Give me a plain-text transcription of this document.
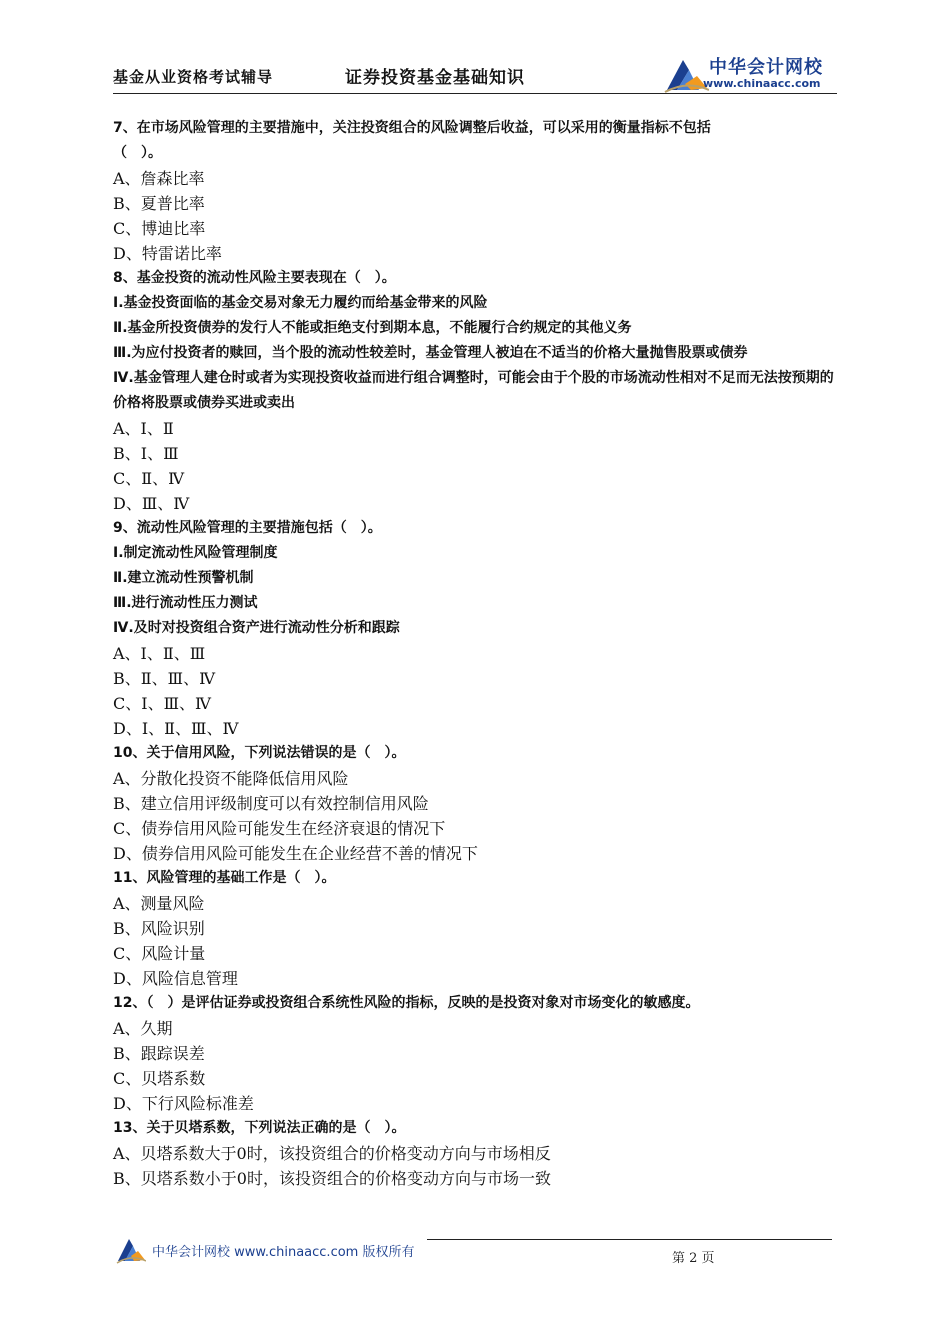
基金从业资格考试辅导	证券投资基金基础知识	中华会计网校
www.chinaacc.com

7、在市场风险管理的主要措施中，关注投资组合的风险调整后收益，可以采用的衡量指标不包括

（　）。

A、詹森比率

B、夏普比率

C、博迪比率

D、特雷诺比率

8、基金投资的流动性风险主要表现在（　）。

Ⅰ.基金投资面临的基金交易对象无力履约而给基金带来的风险

Ⅱ.基金所投资债券的发行人不能或拒绝支付到期本息，不能履行合约规定的其他义务

Ⅲ.为应付投资者的赎回，当个股的流动性较差时，基金管理人被迫在不适当的价格大量抛售股票或债券

Ⅳ.基金管理人建仓时或者为实现投资收益而进行组合调整时，可能会由于个股的市场流动性相对不足而无法按预期的价格将股票或债券买进或卖出

A、Ⅰ、Ⅱ

B、Ⅰ、Ⅲ

C、Ⅱ、Ⅳ

D、Ⅲ、Ⅳ

9、流动性风险管理的主要措施包括（　）。

Ⅰ.制定流动性风险管理制度

Ⅱ.建立流动性预警机制

Ⅲ.进行流动性压力测试

Ⅳ.及时对投资组合资产进行流动性分析和跟踪

A、Ⅰ、Ⅱ、Ⅲ

B、Ⅱ、Ⅲ、Ⅳ

C、Ⅰ、Ⅲ、Ⅳ

D、Ⅰ、Ⅱ、Ⅲ、Ⅳ

10、关于信用风险，下列说法错误的是（　）。

A、分散化投资不能降低信用风险

B、建立信用评级制度可以有效控制信用风险

C、债券信用风险可能发生在经济衰退的情况下

D、债券信用风险可能发生在企业经营不善的情况下

11、风险管理的基础工作是（　）。

A、测量风险

B、风险识别

C、风险计量

D、风险信息管理

12、（　）是评估证券或投资组合系统性风险的指标，反映的是投资对象对市场变化的敏感度。

A、久期

B、跟踪误差

C、贝塔系数

D、下行风险标准差

13、关于贝塔系数，下列说法正确的是（　）。

A、贝塔系数大于0时，该投资组合的价格变动方向与市场相反

B、贝塔系数小于0时，该投资组合的价格变动方向与市场一致

中华会计网校 www.chinaacc.com 版权所有	第 2 页
